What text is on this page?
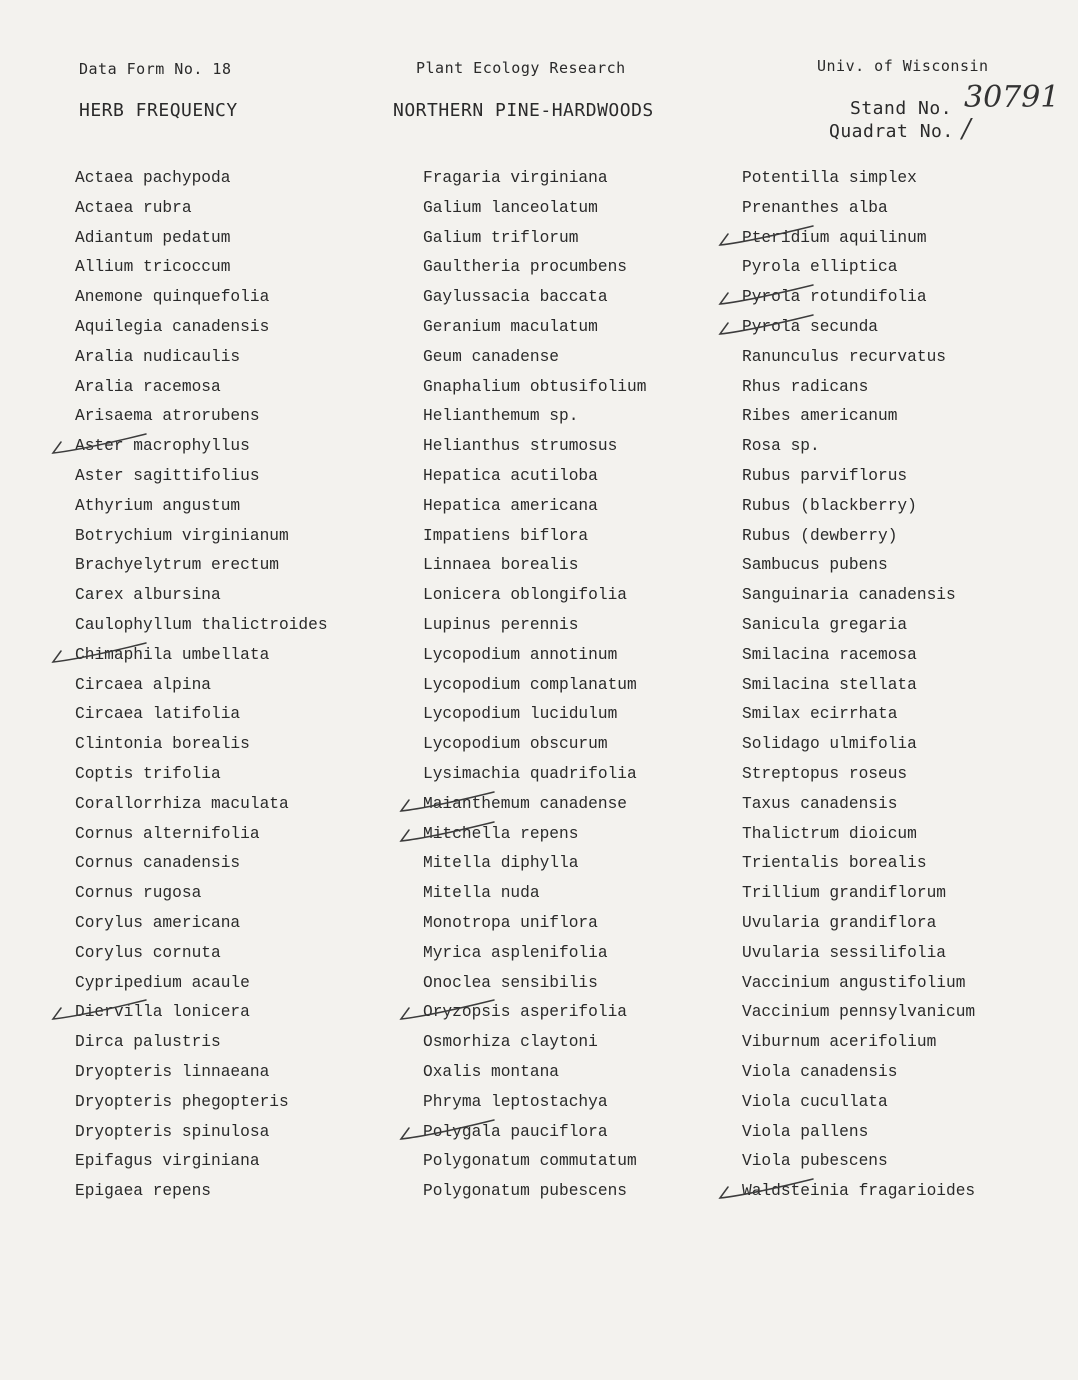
Data Form No. 18	Plant Ecology Research	Univ. of Wisconsin
HERB FREQUENCY	NORTHERN PINE-HARDWOODS	Stand No. 30791
Quadrat No. /
Actaea pachypoda
Actaea rubra
Adiantum pedatum
Allium tricoccum
Anemone quinquefolia
Aquilegia canadensis
Aralia nudicaulis
Aralia racemosa
Arisaema atrorubens
Aster macrophyllus
Aster sagittifolius
Athyrium angustum
Botrychium virginianum
Brachyelytrum erectum
Carex albursina
Caulophyllum thalictroides
Chimaphila umbellata
Circaea alpina
Circaea latifolia
Clintonia borealis
Coptis trifolia
Corallorrhiza maculata
Cornus alternifolia
Cornus canadensis
Cornus rugosa
Corylus americana
Corylus cornuta
Cypripedium acaule
Diervilla lonicera
Dirca palustris
Dryopteris linnaeana
Dryopteris phegopteris
Dryopteris spinulosa
Epifagus virginiana
Epigaea repens
Fragaria virginiana
Galium lanceolatum
Galium triflorum
Gaultheria procumbens
Gaylussacia baccata
Geranium maculatum
Geum canadense
Gnaphalium obtusifolium
Helianthemum sp.
Helianthus strumosus
Hepatica acutiloba
Hepatica americana
Impatiens biflora
Linnaea borealis
Lonicera oblongifolia
Lupinus perennis
Lycopodium annotinum
Lycopodium complanatum
Lycopodium lucidulum
Lycopodium obscurum
Lysimachia quadrifolia
Maianthemum canadense
Mitchella repens
Mitella diphylla
Mitella nuda
Monotropa uniflora
Myrica asplenifolia
Onoclea sensibilis
Oryzopsis asperifolia
Osmorhiza claytoni
Oxalis montana
Phryma leptostachya
Polygala pauciflora
Polygonatum commutatum
Polygonatum pubescens
Potentilla simplex
Prenanthes alba
Pteridium aquilinum
Pyrola elliptica
Pyrola rotundifolia
Pyrola secunda
Ranunculus recurvatus
Rhus radicans
Ribes americanum
Rosa sp.
Rubus parviflorus
Rubus (blackberry)
Rubus (dewberry)
Sambucus pubens
Sanguinaria canadensis
Sanicula gregaria
Smilacina racemosa
Smilacina stellata
Smilax ecirrhata
Solidago ulmifolia
Streptopus roseus
Taxus canadensis
Thalictrum dioicum
Trientalis borealis
Trillium grandiflorum
Uvularia grandiflora
Uvularia sessilifolia
Vaccinium angustifolium
Vaccinium pennsylvanicum
Viburnum acerifolium
Viola canadensis
Viola cucullata
Viola pallens
Viola pubescens
Waldsteinia fragarioides
